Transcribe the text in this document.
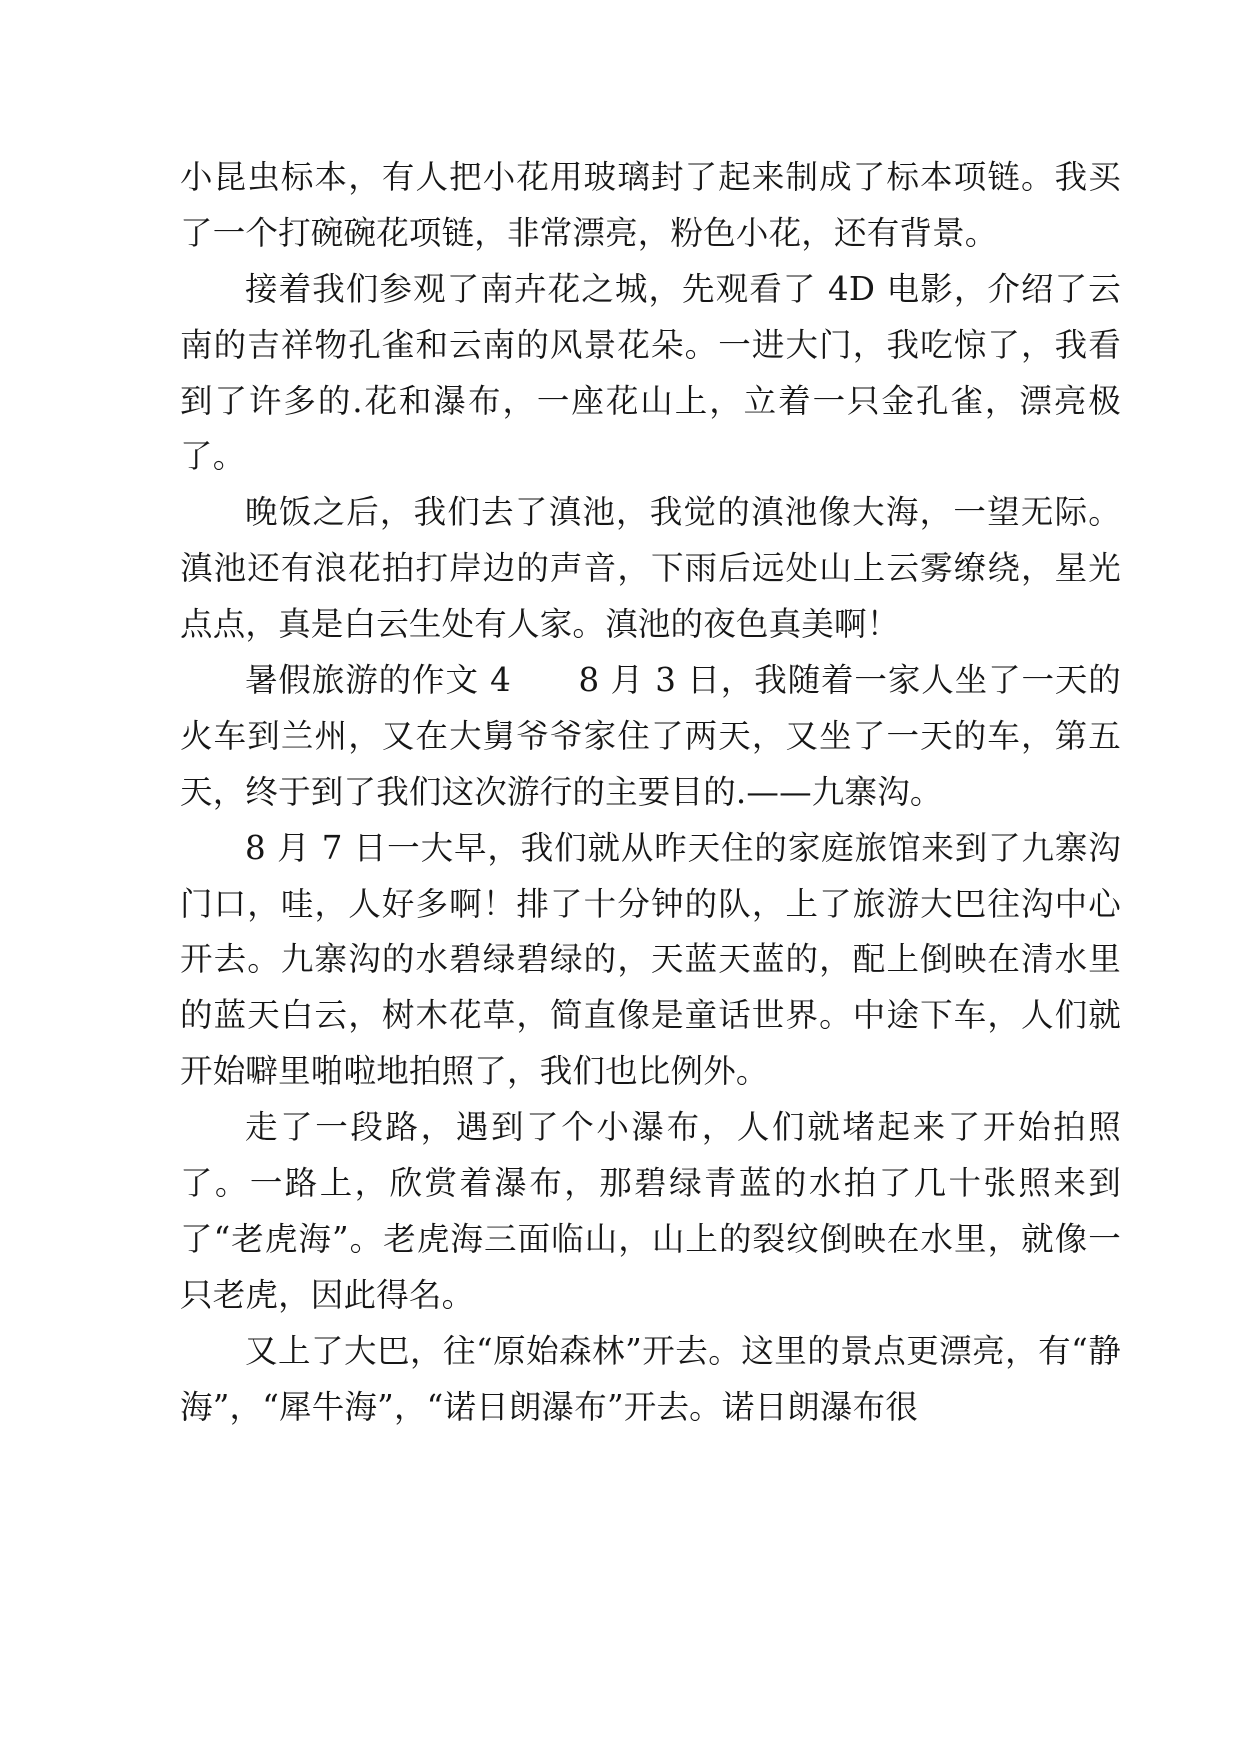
小昆虫标本，有人把小花用玻璃封了起来制成了标本项链。我买了一个打碗碗花项链，非常漂亮，粉色小花，还有背景。

接着我们参观了南卉花之城，先观看了 4D 电影，介绍了云南的吉祥物孔雀和云南的风景花朵。一进大门，我吃惊了，我看到了许多的.花和瀑布，一座花山上，立着一只金孔雀，漂亮极了。

晚饭之后，我们去了滇池，我觉的滇池像大海，一望无际。滇池还有浪花拍打岸边的声音，下雨后远处山上云雾缭绕，星光点点，真是白云生处有人家。滇池的夜色真美啊！

暑假旅游的作文 4　　8 月 3 日，我随着一家人坐了一天的火车到兰州，又在大舅爷爷家住了两天，又坐了一天的车，第五天，终于到了我们这次游行的主要目的.——九寨沟。

8 月 7 日一大早，我们就从昨天住的家庭旅馆来到了九寨沟门口，哇，人好多啊！排了十分钟的队，上了旅游大巴往沟中心开去。九寨沟的水碧绿碧绿的，天蓝天蓝的，配上倒映在清水里的蓝天白云，树木花草，简直像是童话世界。中途下车，人们就开始噼里啪啦地拍照了，我们也比例外。

走了一段路，遇到了个小瀑布，人们就堵起来了开始拍照了。一路上，欣赏着瀑布，那碧绿青蓝的水拍了几十张照来到了“老虎海”。老虎海三面临山，山上的裂纹倒映在水里，就像一只老虎，因此得名。

又上了大巴，往“原始森林”开去。这里的景点更漂亮，有“静海”，“犀牛海”，“诺日朗瀑布”开去。诺日朗瀑布很
